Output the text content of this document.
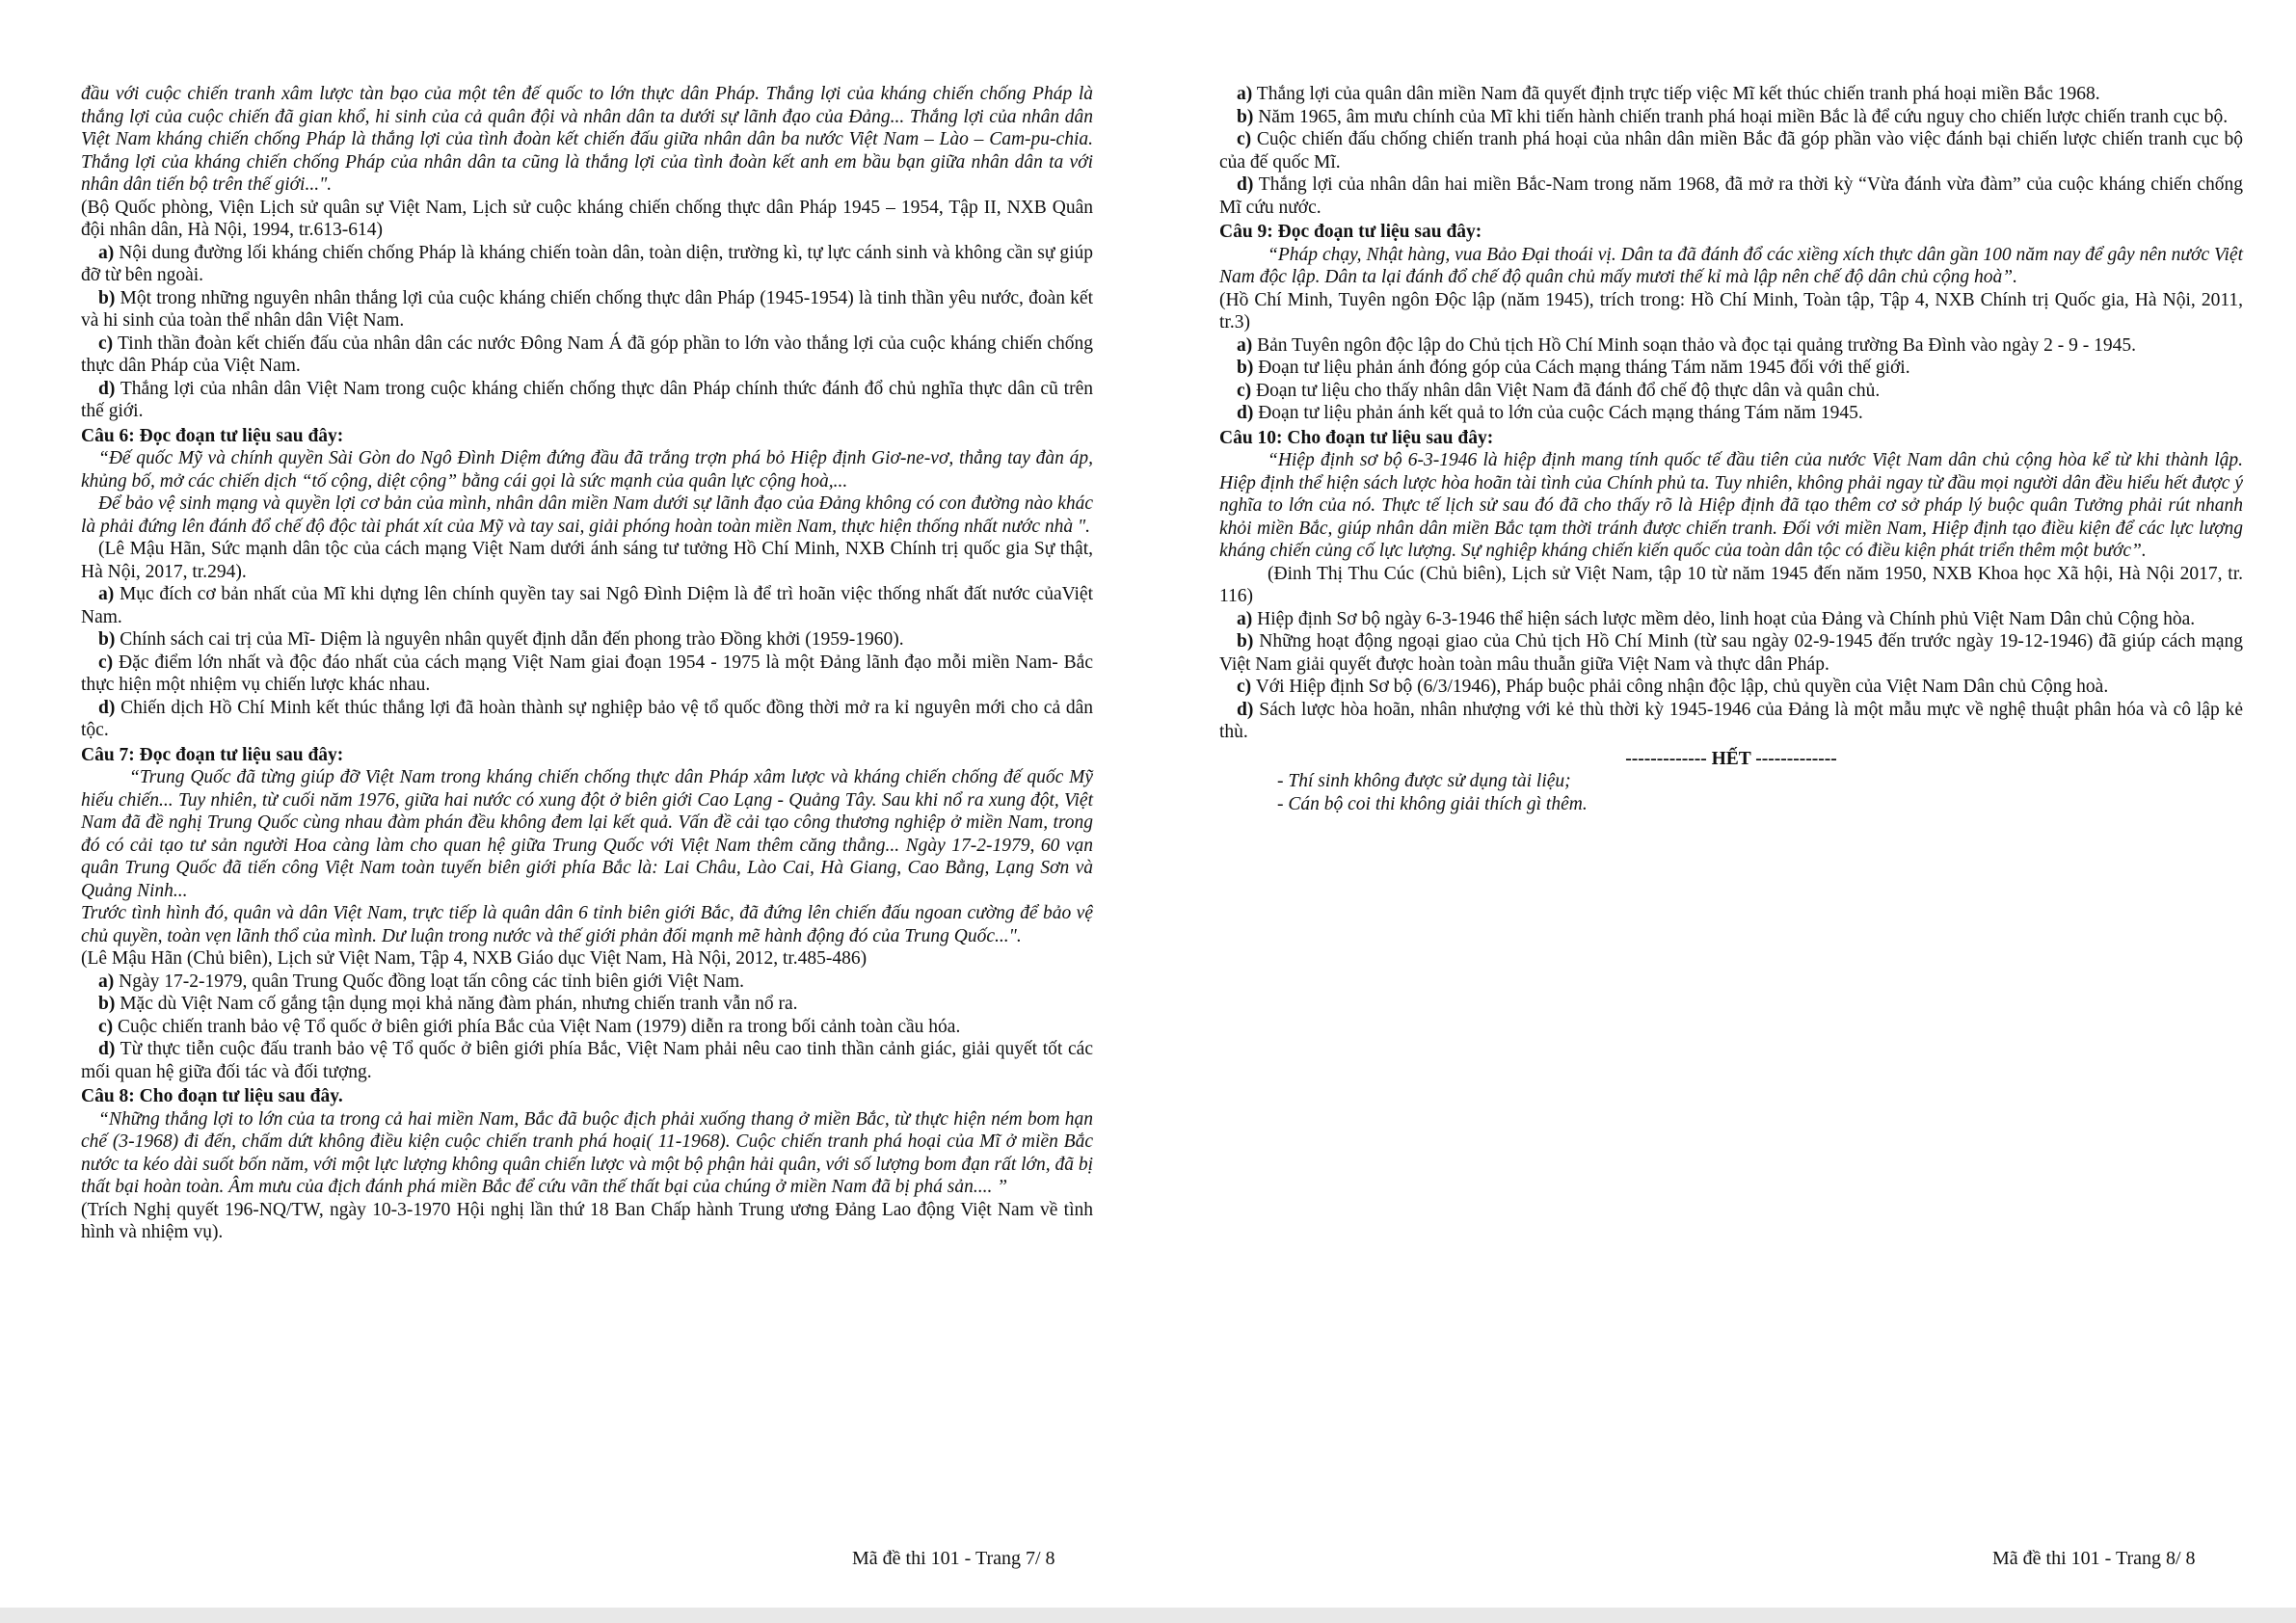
đầu với cuộc chiến tranh xâm lược tàn bạo của một tên đế quốc to lớn thực dân Pháp. Thắng lợi của kháng chiến chống Pháp là thắng lợi của cuộc chiến đã gian khổ, hi sinh của cả quân đội và nhân dân ta dưới sự lãnh đạo của Đảng... Thắng lợi của nhân dân Việt Nam kháng chiến chống Pháp là thắng lợi của tình đoàn kết chiến đấu giữa nhân dân ba nước Việt Nam – Lào – Cam-pu-chia. Thắng lợi của kháng chiến chống Pháp của nhân dân ta cũng là thắng lợi của tình đoàn kết anh em bầu bạn giữa nhân dân ta với nhân dân tiến bộ trên thế giới...".
(Bộ Quốc phòng, Viện Lịch sử quân sự Việt Nam, Lịch sử cuộc kháng chiến chống thực dân Pháp 1945 – 1954, Tập II, NXB Quân đội nhân dân, Hà Nội, 1994, tr.613-614)
a) Nội dung đường lối kháng chiến chống Pháp là kháng chiến toàn dân, toàn diện, trường kì, tự lực cánh sinh và không cần sự giúp đỡ từ bên ngoài.
b) Một trong những nguyên nhân thắng lợi của cuộc kháng chiến chống thực dân Pháp (1945-1954) là tinh thần yêu nước, đoàn kết và hi sinh của toàn thể nhân dân Việt Nam.
c) Tinh thần đoàn kết chiến đấu của nhân dân các nước Đông Nam Á đã góp phần to lớn vào thắng lợi của cuộc kháng chiến chống thực dân Pháp của Việt Nam.
d) Thắng lợi của nhân dân Việt Nam trong cuộc kháng chiến chống thực dân Pháp chính thức đánh đổ chủ nghĩa thực dân cũ trên thế giới.
Câu 6: Đọc đoạn tư liệu sau đây:
“Đế quốc Mỹ và chính quyền Sài Gòn do Ngô Đình Diệm đứng đầu đã trắng trợn phá bỏ Hiệp định Giơ-ne-vơ, thẳng tay đàn áp, khủng bố, mở các chiến dịch “tố cộng, diệt cộng” bằng cái gọi là sức mạnh của quân lực cộng hoà,...
Để bảo vệ sinh mạng và quyền lợi cơ bản của mình, nhân dân miền Nam dưới sự lãnh đạo của Đảng không có con đường nào khác là phải đứng lên đánh đổ chế độ độc tài phát xít của Mỹ và tay sai, giải phóng hoàn toàn miền Nam, thực hiện thống nhất nước nhà ".
(Lê Mậu Hãn, Sức mạnh dân tộc của cách mạng Việt Nam dưới ánh sáng tư tưởng Hồ Chí Minh, NXB Chính trị quốc gia Sự thật, Hà Nội, 2017, tr.294).
a) Mục đích cơ bản nhất của Mĩ khi dựng lên chính quyền tay sai Ngô Đình Diệm là để trì hoãn việc thống nhất đất nước củaViệt Nam.
b) Chính sách cai trị của Mĩ- Diệm là nguyên nhân quyết định dẫn đến phong trào Đồng khởi (1959-1960).
c) Đặc điểm lớn nhất và độc đáo nhất của cách mạng Việt Nam giai đoạn 1954 - 1975 là một Đảng lãnh đạo mỗi miền Nam- Bắc thực hiện một nhiệm vụ chiến lược khác nhau.
d) Chiến dịch Hồ Chí Minh kết thúc thắng lợi đã hoàn thành sự nghiệp bảo vệ tổ quốc đồng thời mở ra kỉ nguyên mới cho cả dân tộc.
Câu 7: Đọc đoạn tư liệu sau đây:
“Trung Quốc đã từng giúp đỡ Việt Nam trong kháng chiến chống thực dân Pháp xâm lược và kháng chiến chống đế quốc Mỹ hiếu chiến... Tuy nhiên, từ cuối năm 1976, giữa hai nước có xung đột ở biên giới Cao Lạng - Quảng Tây. Sau khi nổ ra xung đột, Việt Nam đã đề nghị Trung Quốc cùng nhau đàm phán đều không đem lại kết quả. Vấn đề cải tạo công thương nghiệp ở miền Nam, trong đó có cải tạo tư sản người Hoa càng làm cho quan hệ giữa Trung Quốc với Việt Nam thêm căng thẳng... Ngày 17-2-1979, 60 vạn quân Trung Quốc đã tiến công Việt Nam toàn tuyến biên giới phía Bắc là: Lai Châu, Lào Cai, Hà Giang, Cao Bằng, Lạng Sơn và Quảng Ninh...
Trước tình hình đó, quân và dân Việt Nam, trực tiếp là quân dân 6 tỉnh biên giới Bắc, đã đứng lên chiến đấu ngoan cường để bảo vệ chủ quyền, toàn vẹn lãnh thổ của mình. Dư luận trong nước và thế giới phản đối mạnh mẽ hành động đó của Trung Quốc...".
(Lê Mậu Hãn (Chủ biên), Lịch sử Việt Nam, Tập 4, NXB Giáo dục Việt Nam, Hà Nội, 2012, tr.485-486)
a) Ngày 17-2-1979, quân Trung Quốc đồng loạt tấn công các tỉnh biên giới Việt Nam.
b) Mặc dù Việt Nam cố gắng tận dụng mọi khả năng đàm phán, nhưng chiến tranh vẫn nổ ra.
c) Cuộc chiến tranh bảo vệ Tổ quốc ở biên giới phía Bắc của Việt Nam (1979) diễn ra trong bối cảnh toàn cầu hóa.
d) Từ thực tiễn cuộc đấu tranh bảo vệ Tổ quốc ở biên giới phía Bắc, Việt Nam phải nêu cao tinh thần cảnh giác, giải quyết tốt các mối quan hệ giữa đối tác và đối tượng.
Câu 8: Cho đoạn tư liệu sau đây.
“Những thắng lợi to lớn của ta trong cả hai miền Nam, Bắc đã buộc địch phải xuống thang ở miền Bắc, từ thực hiện ném bom hạn chế (3-1968) đi đến, chấm dứt không điều kiện cuộc chiến tranh phá hoại( 11-1968). Cuộc chiến tranh phá hoại của Mĩ ở miền Bắc nước ta kéo dài suốt bốn năm, với một lực lượng không quân chiến lược và một bộ phận hải quân, với số lượng bom đạn rất lớn, đã bị thất bại hoàn toàn. Âm mưu của địch đánh phá miền Bắc để cứu vãn thế thất bại của chúng ở miền Nam đã bị phá sản.... ”
(Trích Nghị quyết 196-NQ/TW, ngày 10-3-1970 Hội nghị lần thứ 18 Ban Chấp hành Trung ương Đảng Lao động Việt Nam về tình hình và nhiệm vụ).
Mã đề thi 101 - Trang 7/ 8
a) Thắng lợi của quân dân miền Nam đã quyết định trực tiếp việc Mĩ kết thúc chiến tranh phá hoại miền Bắc 1968.
b) Năm 1965, âm mưu chính của Mĩ khi tiến hành chiến tranh phá hoại miền Bắc là để cứu nguy cho chiến lược chiến tranh cục bộ.
c) Cuộc chiến đấu chống chiến tranh phá hoại của nhân dân miền Bắc đã góp phần vào việc đánh bại chiến lược chiến tranh cục bộ của đế quốc Mĩ.
d) Thắng lợi của nhân dân hai miền Bắc-Nam trong năm 1968, đã mở ra thời kỳ “Vừa đánh vừa đàm” của cuộc kháng chiến chống Mĩ cứu nước.
Câu 9: Đọc đoạn tư liệu sau đây:
“Pháp chạy, Nhật hàng, vua Bảo Đại thoái vị. Dân ta đã đánh đổ các xiềng xích thực dân gần 100 năm nay để gây nên nước Việt Nam độc lập. Dân ta lại đánh đổ chế độ quân chủ mấy mươi thế kỉ mà lập nên chế độ dân chủ cộng hoà”.
(Hồ Chí Minh, Tuyên ngôn Độc lập (năm 1945), trích trong: Hồ Chí Minh, Toàn tập, Tập 4, NXB Chính trị Quốc gia, Hà Nội, 2011, tr.3)
a) Bản Tuyên ngôn độc lập do Chủ tịch Hồ Chí Minh soạn thảo và đọc tại quảng trường Ba Đình vào ngày 2 - 9 - 1945.
b) Đoạn tư liệu phản ánh đóng góp của Cách mạng tháng Tám năm 1945 đối với thế giới.
c) Đoạn tư liệu cho thấy nhân dân Việt Nam đã đánh đổ chế độ thực dân và quân chủ.
d) Đoạn tư liệu phản ánh kết quả to lớn của cuộc Cách mạng tháng Tám năm 1945.
Câu 10: Cho đoạn tư liệu sau đây:
“Hiệp định sơ bộ 6-3-1946 là hiệp định mang tính quốc tế đầu tiên của nước Việt Nam dân chủ cộng hòa kể từ khi thành lập. Hiệp định thể hiện sách lược hòa hoãn tài tình của Chính phủ ta. Tuy nhiên, không phải ngay từ đầu mọi người dân đều hiểu hết được ý nghĩa to lớn của nó. Thực tế lịch sử sau đó đã cho thấy rõ là Hiệp định đã tạo thêm cơ sở pháp lý buộc quân Tưởng phải rút nhanh khỏi miền Bắc, giúp nhân dân miền Bắc tạm thời tránh được chiến tranh. Đối với miền Nam, Hiệp định tạo điều kiện để các lực lượng kháng chiến củng cố lực lượng. Sự nghiệp kháng chiến kiến quốc của toàn dân tộc có điều kiện phát triển thêm một bước”.
(Đinh Thị Thu Cúc (Chủ biên), Lịch sử Việt Nam, tập 10 từ năm 1945 đến năm 1950, NXB Khoa học Xã hội, Hà Nội 2017, tr. 116)
a) Hiệp định Sơ bộ ngày 6-3-1946 thể hiện sách lược mềm dẻo, linh hoạt của Đảng và Chính phủ Việt Nam Dân chủ Cộng hòa.
b) Những hoạt động ngoại giao của Chủ tịch Hồ Chí Minh (từ sau ngày 02-9-1945 đến trước ngày 19-12-1946) đã giúp cách mạng Việt Nam giải quyết được hoàn toàn mâu thuẫn giữa Việt Nam và thực dân Pháp.
c) Với Hiệp định Sơ bộ (6/3/1946), Pháp buộc phải công nhận độc lập, chủ quyền của Việt Nam Dân chủ Cộng hoà.
d) Sách lược hòa hoãn, nhân nhượng với kẻ thù thời kỳ 1945-1946 của Đảng là một mẫu mực về nghệ thuật phân hóa và cô lập kẻ thù.
------------- HẾT -------------
- Thí sinh không được sử dụng tài liệu;
- Cán bộ coi thi không giải thích gì thêm.
Mã đề thi 101 - Trang 8/ 8
